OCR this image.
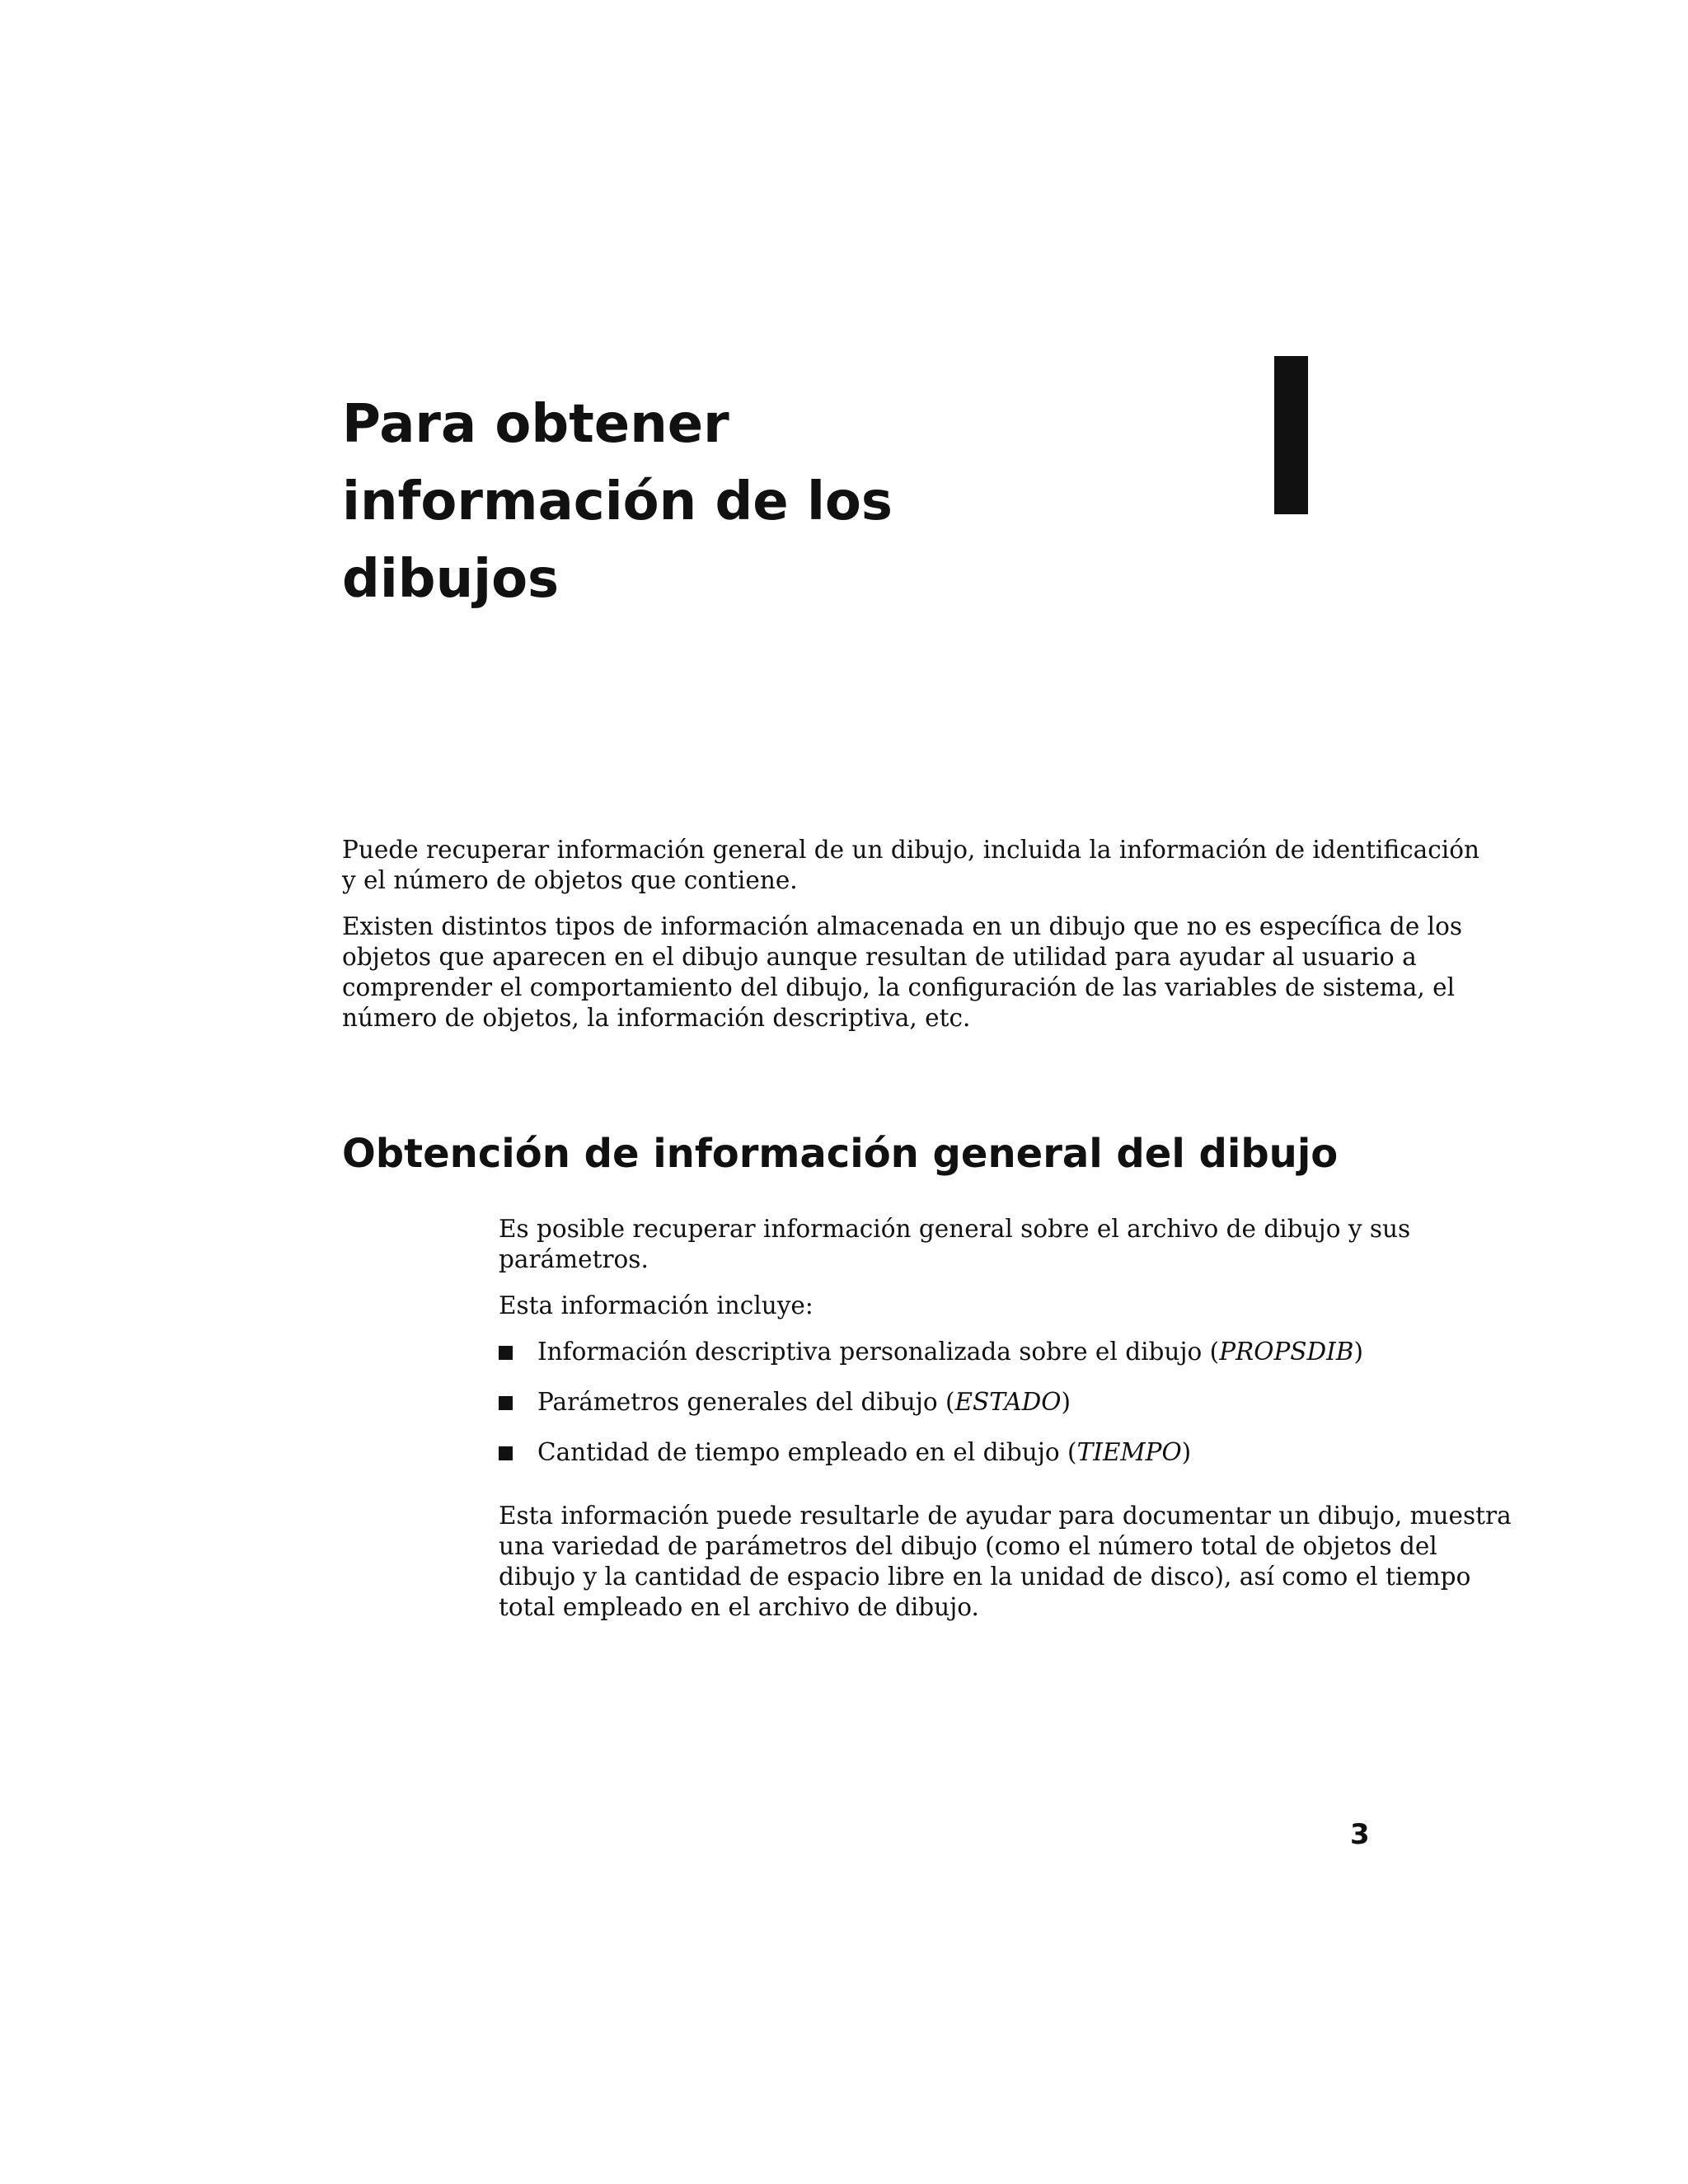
Para obtener
información de los
dibujos

Puede recuperar información general de un dibujo, incluida la información de identificación
y el número de objetos que contiene.

Existen distintos tipos de información almacenada en un dibujo que no es específica de los
objetos que aparecen en el dibujo aunque resultan de utilidad para ayudar al usuario a
comprender el comportamiento del dibujo, la configuración de las variables de sistema, el
número de objetos, la información descriptiva, etc.

Obtención de información general del dibujo

Es posible recuperar información general sobre el archivo de dibujo y sus
parámetros.

Esta información incluye:

Información descriptiva personalizada sobre el dibujo (PROPSDIB)
Parámetros generales del dibujo (ESTADO)
Cantidad de tiempo empleado en el dibujo (TIEMPO)

Esta información puede resultarle de ayudar para documentar un dibujo, muestra
una variedad de parámetros del dibujo (como el número total de objetos del
dibujo y la cantidad de espacio libre en la unidad de disco), así como el tiempo
total empleado en el archivo de dibujo.

3
